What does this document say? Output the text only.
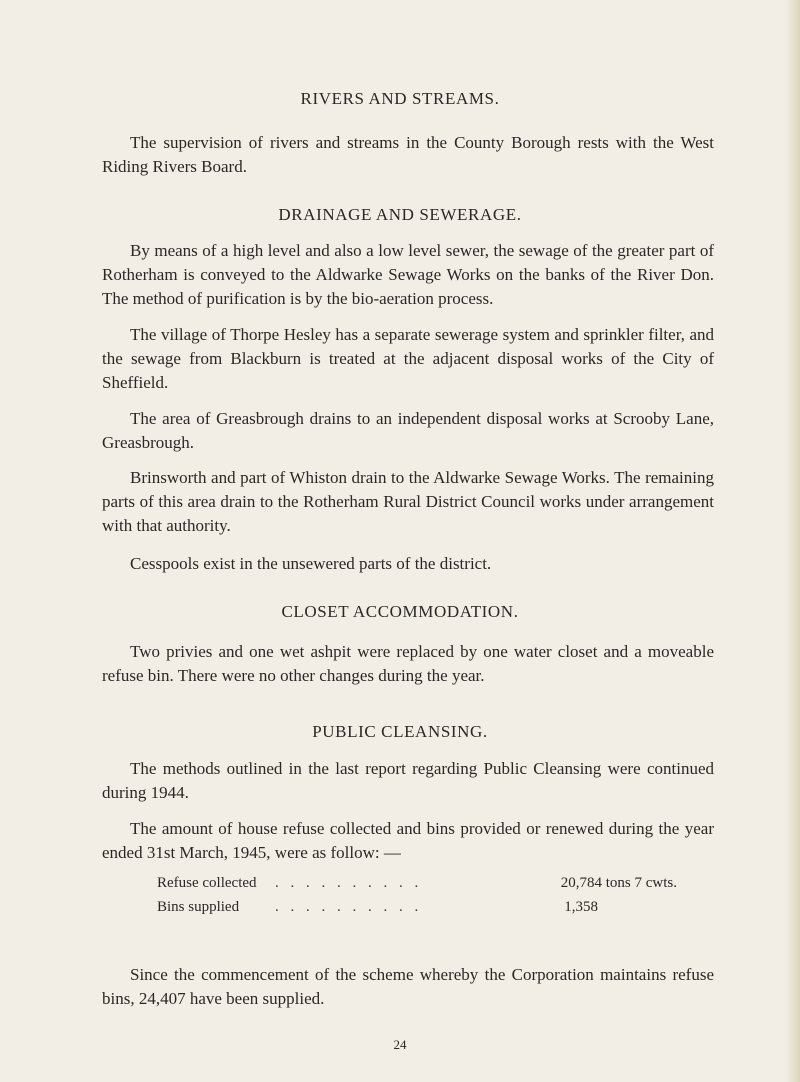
RIVERS AND STREAMS.

The supervision of rivers and streams in the County Borough rests with the West Riding Rivers Board.

DRAINAGE AND SEWERAGE.

By means of a high level and also a low level sewer, the sewage of the greater part of Rotherham is conveyed to the Aldwarke Sewage Works on the banks of the River Don. The method of purification is by the bio-aeration process.

The village of Thorpe Hesley has a separate sewerage system and sprinkler filter, and the sewage from Blackburn is treated at the adjacent disposal works of the City of Sheffield.

The area of Greasbrough drains to an independent disposal works at Scrooby Lane, Greasbrough.

Brinsworth and part of Whiston drain to the Aldwarke Sewage Works. The remaining parts of this area drain to the Rotherham Rural District Council works under arrangement with that authority.

Cesspools exist in the unsewered parts of the district.

CLOSET ACCOMMODATION.

Two privies and one wet ashpit were replaced by one water closet and a moveable refuse bin. There were no other changes during the year.

PUBLIC CLEANSING.

The methods outlined in the last report regarding Public Cleansing were continued during 1944.

The amount of house refuse collected and bins provided or renewed during the year ended 31st March, 1945, were as follow: —

Refuse collected . . . . . . . . . .	20,784 tons 7 cwts.
Bins supplied . . . . . . . . . .	1,358

Since the commencement of the scheme whereby the Corporation maintains refuse bins, 24,407 have been supplied.

24
